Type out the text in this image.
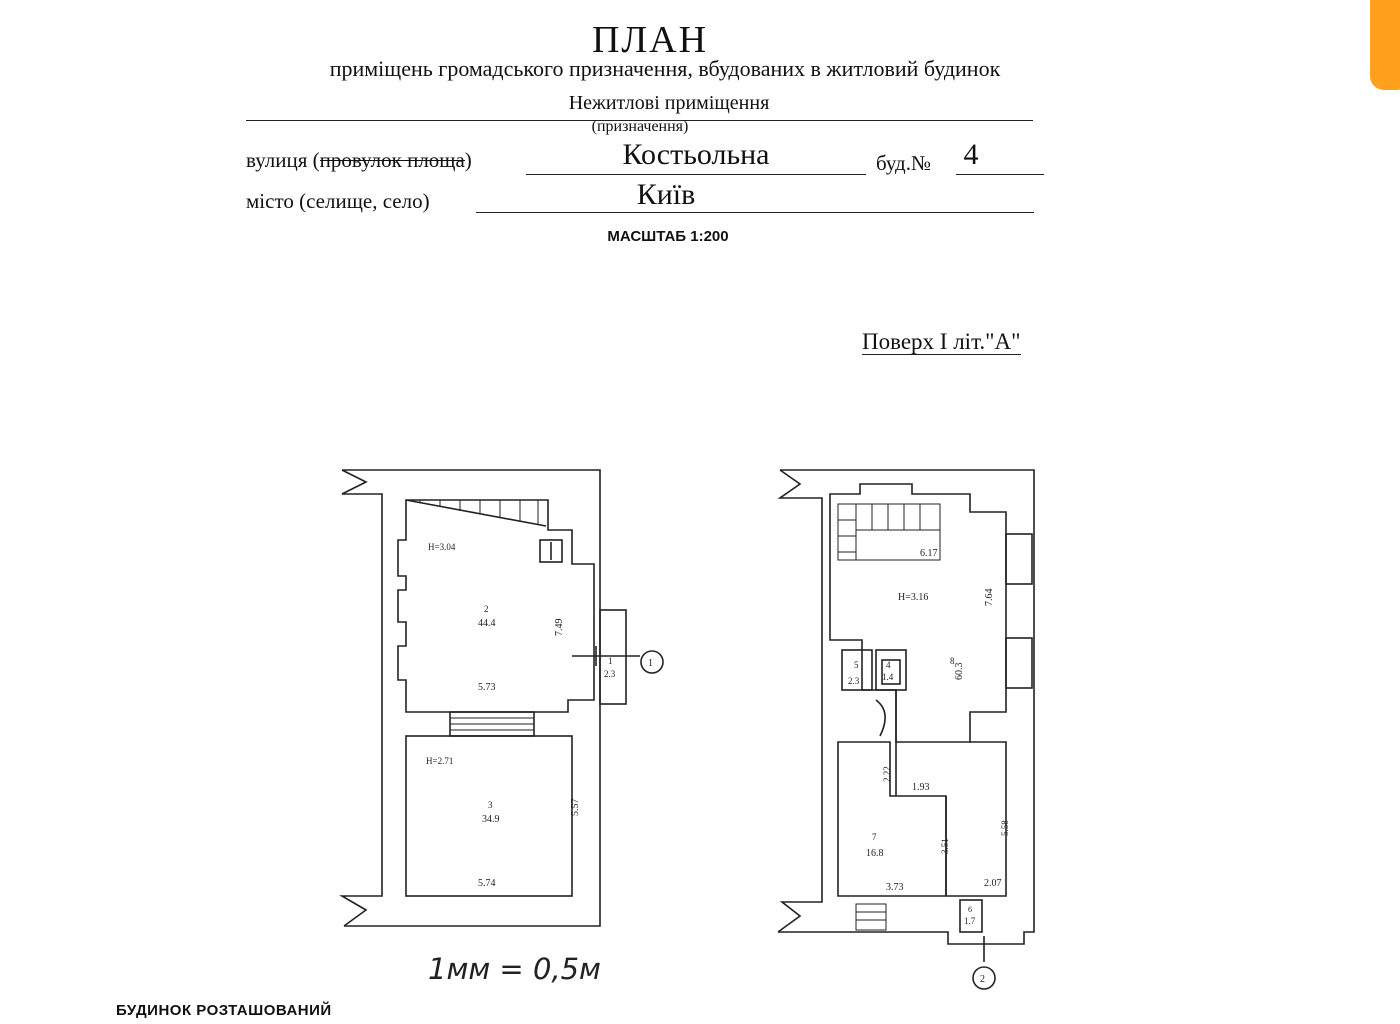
ПЛАН
приміщень громадського призначення, вбудованих в житловий будинок
Нежитлові приміщення
(призначення)
вулиця (провулок площа)	Костьольна	буд.№ 4
місто (селище, село)	Київ
МАСШТАБ 1:200
Поверх I літ."А"
Н=3.04
2
44.4	7.49
5.73
1
2.3
1
Н=2.71
3
34.9
5.57
5.74
6.17
Н=3.16	7.64
8
60.3
5
2.3
4
1.4
2.22
1.93
7
16.8	3.51
5.58
3.73	2.07
6
1.7
2
1мм = 0,5м
БУДИНОК РОЗТАШОВАНИЙ
